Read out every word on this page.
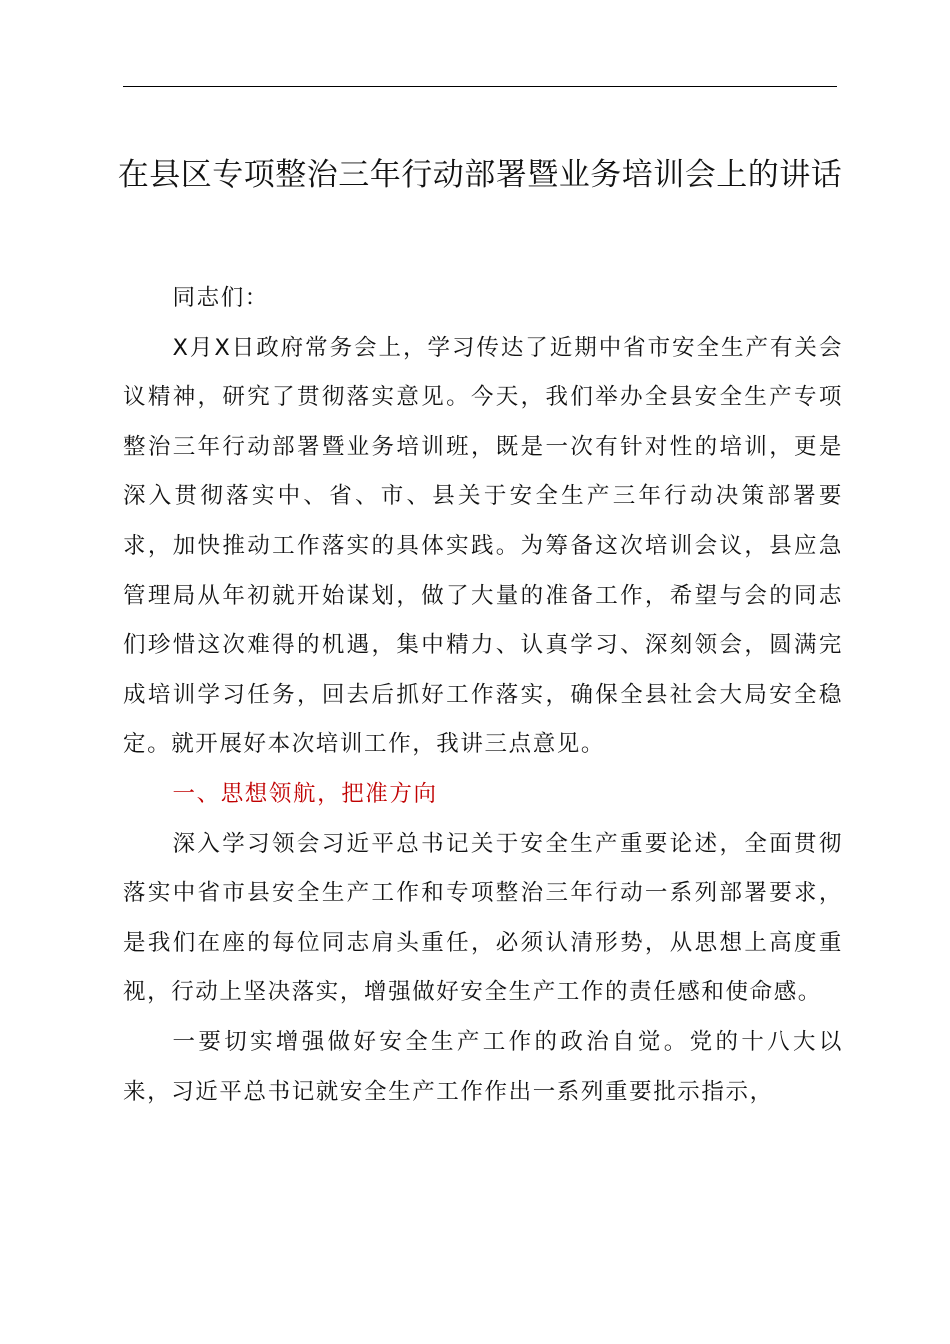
在县区专项整治三年行动部署暨业务培训会上的讲话

同志们：

X月X日政府常务会上，学习传达了近期中省市安全生产有关会议精神，研究了贯彻落实意见。今天，我们举办全县安全生产专项整治三年行动部署暨业务培训班，既是一次有针对性的培训，更是深入贯彻落实中、省、市、县关于安全生产三年行动决策部署要求，加快推动工作落实的具体实践。为筹备这次培训会议，县应急管理局从年初就开始谋划，做了大量的准备工作，希望与会的同志们珍惜这次难得的机遇，集中精力、认真学习、深刻领会，圆满完成培训学习任务，回去后抓好工作落实，确保全县社会大局安全稳定。就开展好本次培训工作，我讲三点意见。

一、思想领航，把准方向

深入学习领会习近平总书记关于安全生产重要论述，全面贯彻落实中省市县安全生产工作和专项整治三年行动一系列部署要求，是我们在座的每位同志肩头重任，必须认清形势，从思想上高度重视，行动上坚决落实，增强做好安全生产工作的责任感和使命感。

一要切实增强做好安全生产工作的政治自觉。党的十八大以来，习近平总书记就安全生产工作作出一系列重要批示指示，
